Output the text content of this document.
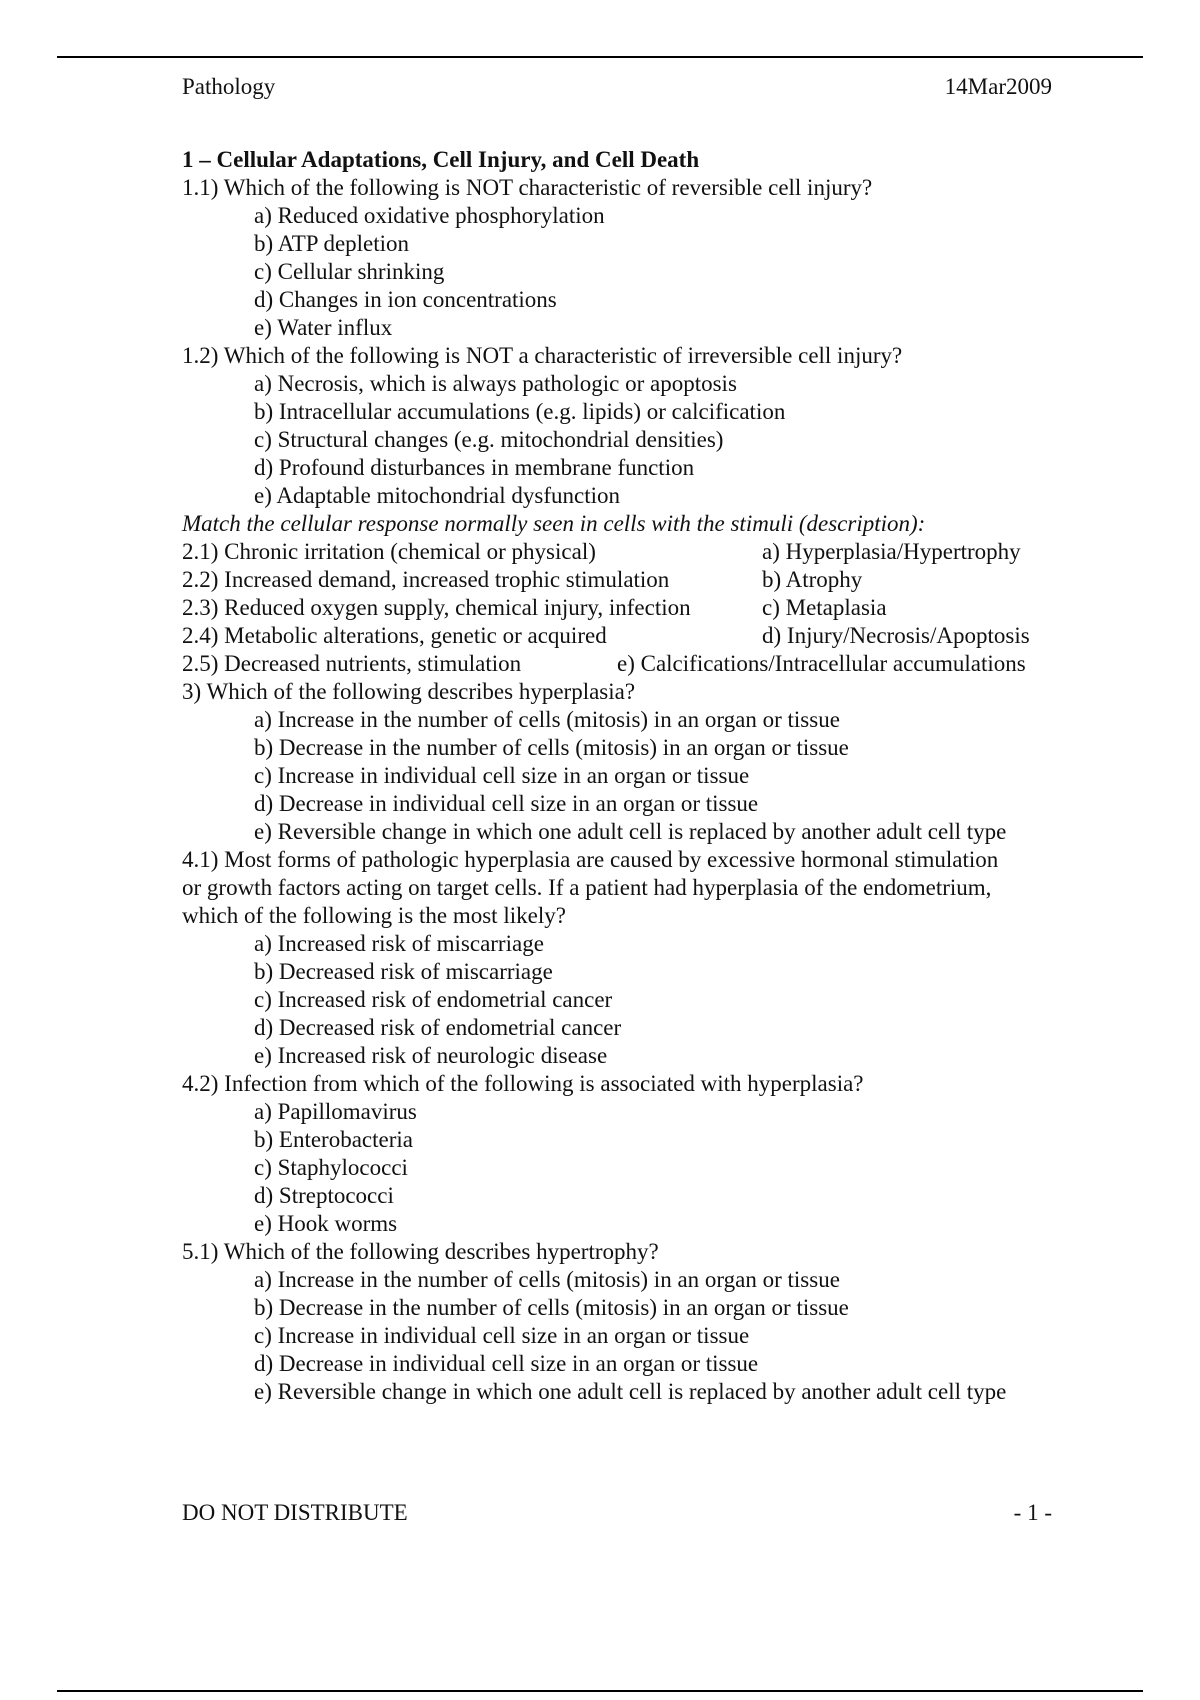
Pathology	14Mar2009
1 – Cellular Adaptations, Cell Injury, and Cell Death
1.1) Which of the following is NOT characteristic of reversible cell injury?
a) Reduced oxidative phosphorylation
b) ATP depletion
c) Cellular shrinking
d) Changes in ion concentrations
e) Water influx
1.2) Which of the following is NOT a characteristic of irreversible cell injury?
a) Necrosis, which is always pathologic or apoptosis
b) Intracellular accumulations (e.g. lipids) or calcification
c) Structural changes (e.g. mitochondrial densities)
d) Profound disturbances in membrane function
e) Adaptable mitochondrial dysfunction
Match the cellular response normally seen in cells with the stimuli (description):
2.1) Chronic irritation (chemical or physical)	a) Hyperplasia/Hypertrophy
2.2) Increased demand, increased trophic stimulation	b) Atrophy
2.3) Reduced oxygen supply, chemical injury, infection	c) Metaplasia
2.4) Metabolic alterations, genetic or acquired	d) Injury/Necrosis/Apoptosis
2.5) Decreased nutrients, stimulation	e) Calcifications/Intracellular accumulations
3) Which of the following describes hyperplasia?
a) Increase in the number of cells (mitosis) in an organ or tissue
b) Decrease in the number of cells (mitosis) in an organ or tissue
c) Increase in individual cell size in an organ or tissue
d) Decrease in individual cell size in an organ or tissue
e) Reversible change in which one adult cell is replaced by another adult cell type
4.1) Most forms of pathologic hyperplasia are caused by excessive hormonal stimulation
or growth factors acting on target cells. If a patient had hyperplasia of the endometrium,
which of the following is the most likely?
a) Increased risk of miscarriage
b) Decreased risk of miscarriage
c) Increased risk of endometrial cancer
d) Decreased risk of endometrial cancer
e) Increased risk of neurologic disease
4.2) Infection from which of the following is associated with hyperplasia?
a) Papillomavirus
b) Enterobacteria
c) Staphylococci
d) Streptococci
e) Hook worms
5.1) Which of the following describes hypertrophy?
a) Increase in the number of cells (mitosis) in an organ or tissue
b) Decrease in the number of cells (mitosis) in an organ or tissue
c) Increase in individual cell size in an organ or tissue
d) Decrease in individual cell size in an organ or tissue
e) Reversible change in which one adult cell is replaced by another adult cell type
DO NOT DISTRIBUTE	- 1 -
